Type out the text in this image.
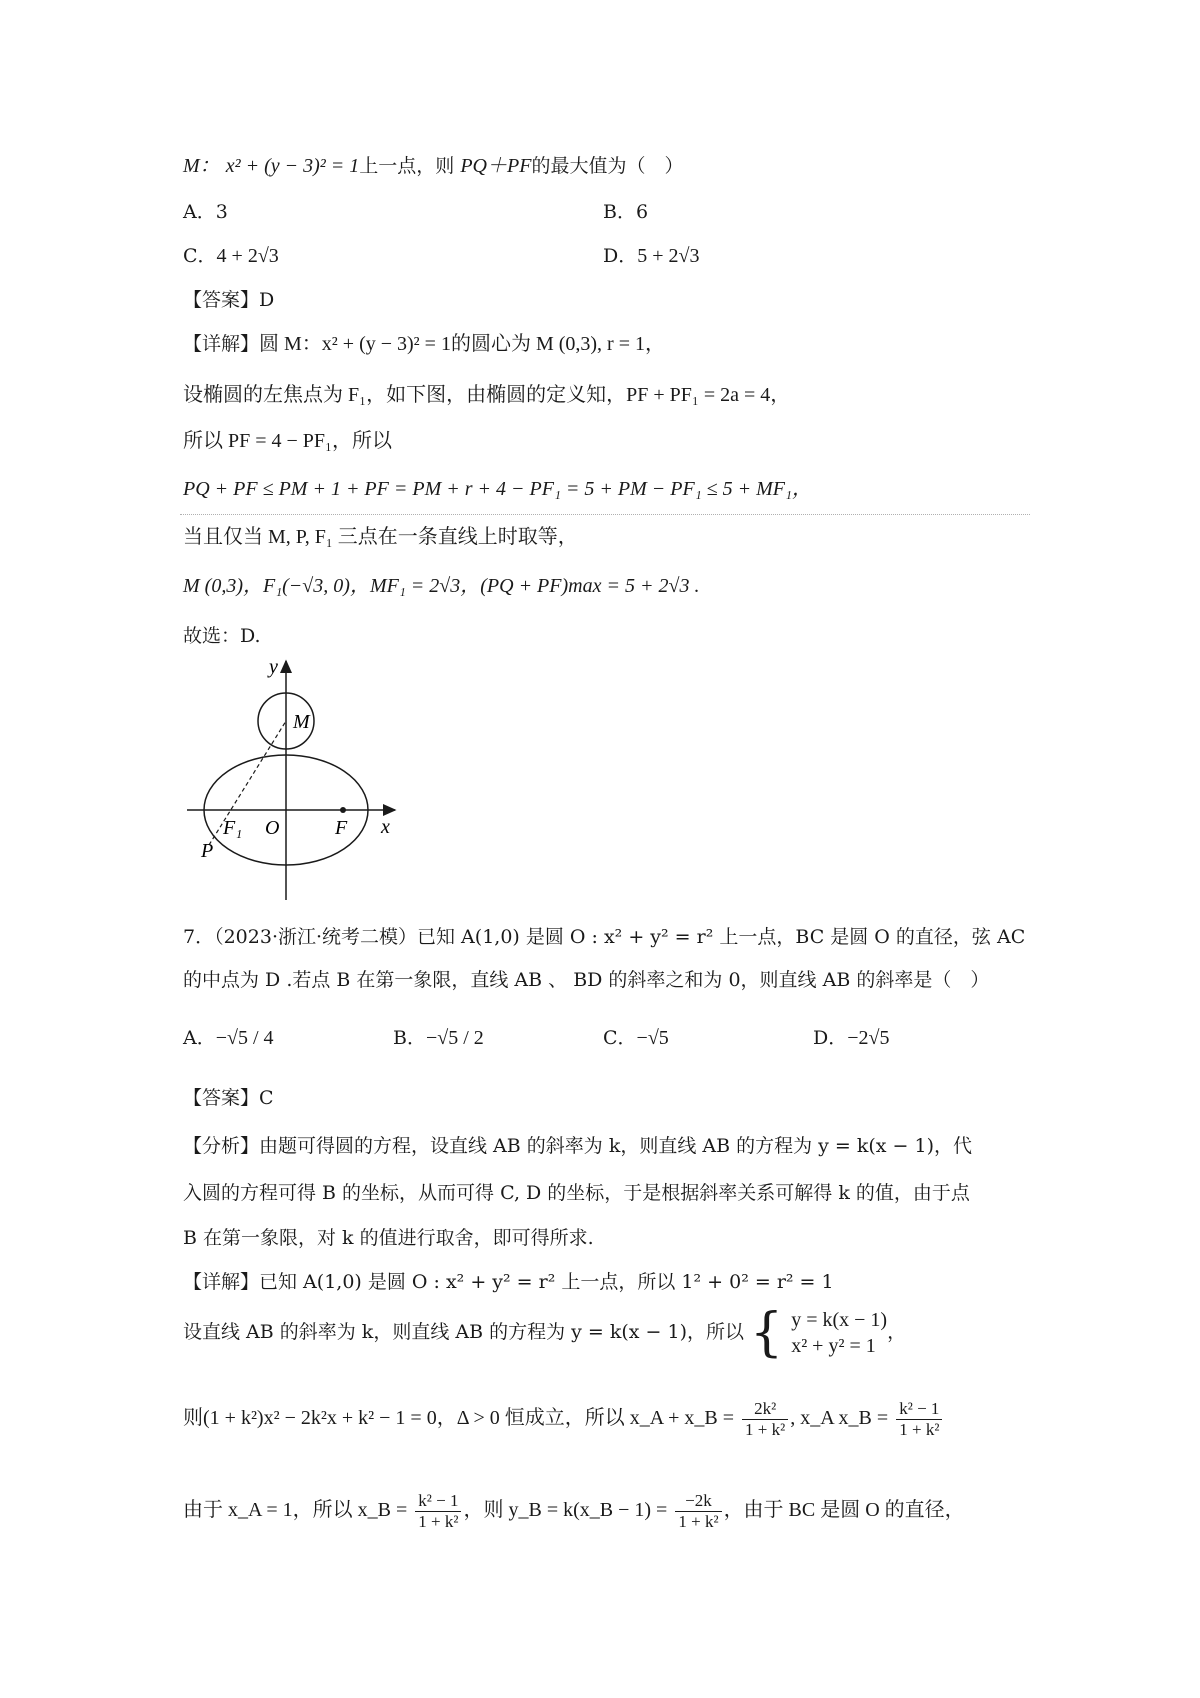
M： x² + (y − 3)² = 1上一点，则 PQ＋PF的最大值为（　）
A．3	B．6
C．4 + 2√3	D．5 + 2√3
【答案】D
【详解】圆 M：x² + (y − 3)² = 1的圆心为 M (0,3), r = 1，
设椭圆的左焦点为 F₁，如下图，由椭圆的定义知，PF + PF₁ = 2a = 4，
所以 PF = 4 − PF₁，所以
PQ + PF ≤ PM + 1 + PF = PM + r + 4 − PF₁ = 5 + PM − PF₁ ≤ 5 + MF₁，
当且仅当 M, P, F₁ 三点在一条直线上时取等，
M (0,3)，F₁(−√3, 0)，MF₁ = 2√3，(PQ + PF)max = 5 + 2√3 .
故选：D.
y
x
M
O	F
F₁
P
7．（2023·浙江·统考二模）已知 A(1,0) 是圆 O : x² + y² = r² 上一点，BC 是圆 O 的直径，弦 AC
的中点为 D .若点 B 在第一象限，直线 AB 、 BD 的斜率之和为 0，则直线 AB 的斜率是（　）
A．−√5 / 4	B．−√5 / 2	C．−√5	D．−2√5
【答案】C
【分析】由题可得圆的方程，设直线 AB 的斜率为 k，则直线 AB 的方程为 y = k(x − 1)，代
入圆的方程可得 B 的坐标，从而可得 C, D 的坐标，于是根据斜率关系可解得 k 的值，由于点
B 在第一象限，对 k 的值进行取舍，即可得所求.
【详解】已知 A(1,0) 是圆 O : x² + y² = r² 上一点，所以 1² + 0² = r² = 1
设直线 AB 的斜率为 k，则直线 AB 的方程为 y = k(x − 1)，所以 { y = k(x − 1)
x² + y² = 1
，
则(1 + k²)x² − 2k²x + k² − 1 = 0，Δ > 0 恒成立，所以 x_A + x_B = $\frac{\text{2k²}}{\text{1 + k²}}$ , x_A x_B = $\frac{\text{k² − 1}}{\text{1 + k²}}$
由于 x_A = 1，所以 x_B = $\frac{\text{k² − 1}}{\text{1 + k²}}$ ，则 y_B = k(x_B − $1) = \frac{-2k}{\text{1 + k²}}$ ，由于 BC 是圆 O 的直径，
